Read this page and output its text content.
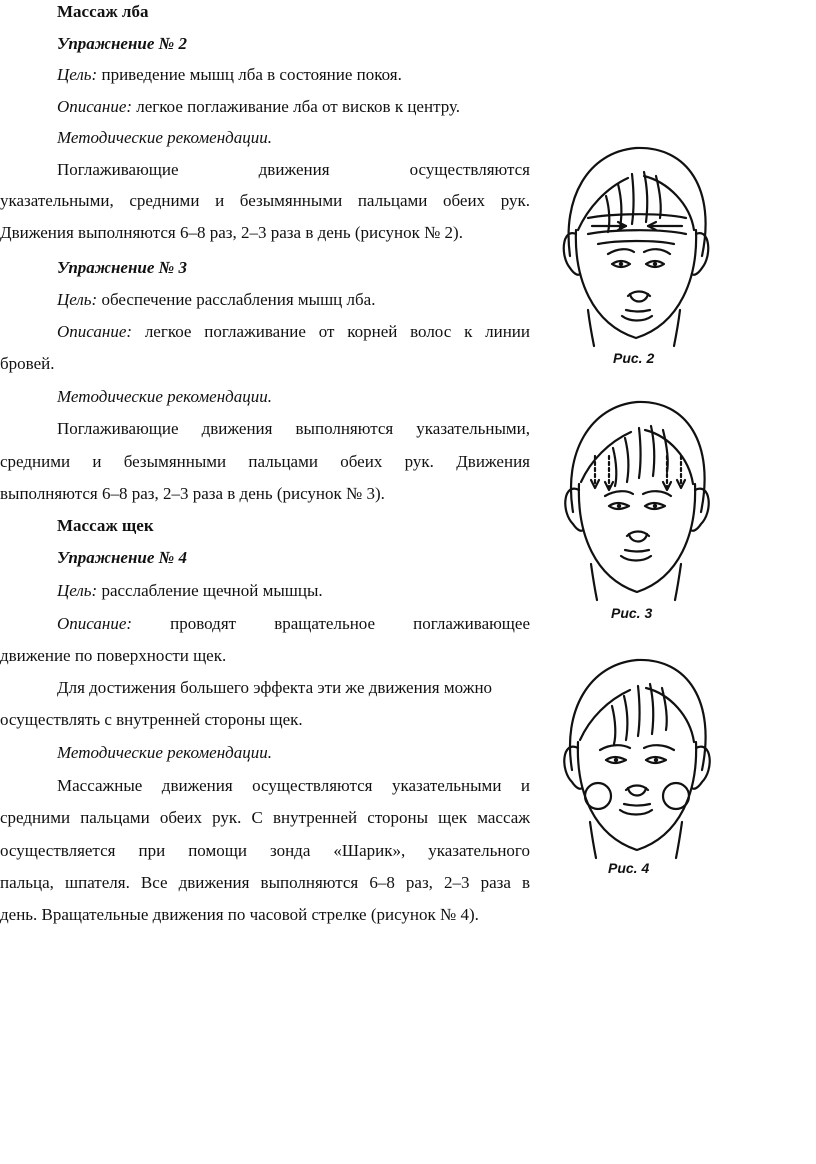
Массаж лба
Упражнение № 2
Цель: приведение мышц лба в состояние покоя.
Описание: легкое поглаживание лба от висков к центру.
Методические рекомендации.
Поглаживающие движения осуществляются
указательными, средними и безымянными пальцами обеих рук.
Движения выполняются 6–8 раз, 2–3 раза в день (рисунок № 2).
Упражнение № 3
Цель: обеспечение расслабления мышц лба.
Описание: легкое поглаживание от корней волос к линии
бровей.
Методические рекомендации.
Поглаживающие движения выполняются указательными,
средними и безымянными пальцами обеих рук. Движения
выполняются 6–8 раз, 2–3 раза в день (рисунок № 3).
Массаж щек
Упражнение № 4
Цель: расслабление щечной мышцы.
Описание: проводят вращательное поглаживающее
движение по поверхности щек.
Для достижения большего эффекта эти же движения можно
осуществлять с внутренней стороны щек.
Методические рекомендации.
Массажные движения осуществляются указательными и
средними пальцами обеих рук. С внутренней стороны щек массаж
осуществляется при помощи зонда «Шарик», указательного
пальца, шпателя. Все движения выполняются 6–8 раз, 2–3 раза в
день. Вращательные движения по часовой стрелке (рисунок № 4).
Рис. 2
Рис. 3
Рис. 4
